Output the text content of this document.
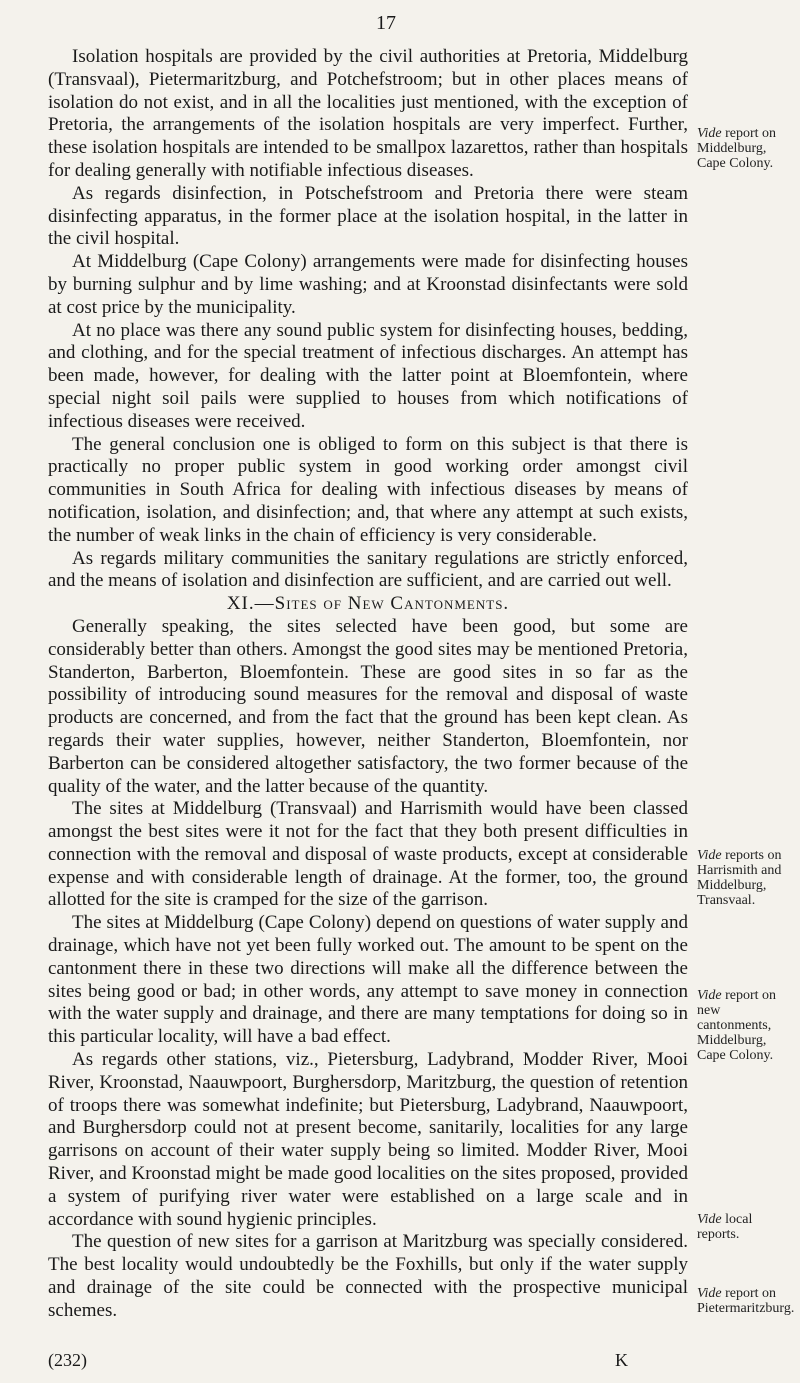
17

Isolation hospitals are provided by the civil authorities at Pretoria, Middelburg (Transvaal), Pietermaritzburg, and Potchefstroom; but in other places means of isolation do not exist, and in all the localities just mentioned, with the exception of Pretoria, the arrangements of the isolation hospitals are very imperfect. Further, these isolation hospitals are intended to be smallpox lazarettos, rather than hospitals for dealing generally with notifiable infectious diseases.

As regards disinfection, in Potschefstroom and Pretoria there were steam disinfecting apparatus, in the former place at the isolation hospital, in the latter in the civil hospital.

At Middelburg (Cape Colony) arrangements were made for disinfecting houses by burning sulphur and by lime washing; and at Kroonstad disinfectants were sold at cost price by the municipality.

At no place was there any sound public system for disinfecting houses, bedding, and clothing, and for the special treatment of infectious discharges. An attempt has been made, however, for dealing with the latter point at Bloemfontein, where special night soil pails were supplied to houses from which notifications of infectious diseases were received.

The general conclusion one is obliged to form on this subject is that there is practically no proper public system in good working order amongst civil communities in South Africa for dealing with infectious diseases by means of notification, isolation, and disinfection; and, that where any attempt at such exists, the number of weak links in the chain of efficiency is very considerable.

As regards military communities the sanitary regulations are strictly enforced, and the means of isolation and disinfection are sufficient, and are carried out well.

XI.—Sites of New Cantonments.

Generally speaking, the sites selected have been good, but some are considerably better than others. Amongst the good sites may be mentioned Pretoria, Standerton, Barberton, Bloemfontein. These are good sites in so far as the possibility of introducing sound measures for the removal and disposal of waste products are concerned, and from the fact that the ground has been kept clean. As regards their water supplies, however, neither Standerton, Bloemfontein, nor Barberton can be considered altogether satisfactory, the two former because of the quality of the water, and the latter because of the quantity.

The sites at Middelburg (Transvaal) and Harrismith would have been classed amongst the best sites were it not for the fact that they both present difficulties in connection with the removal and disposal of waste products, except at considerable expense and with considerable length of drainage. At the former, too, the ground allotted for the site is cramped for the size of the garrison.

The sites at Middelburg (Cape Colony) depend on questions of water supply and drainage, which have not yet been fully worked out. The amount to be spent on the cantonment there in these two directions will make all the difference between the sites being good or bad; in other words, any attempt to save money in connection with the water supply and drainage, and there are many temptations for doing so in this particular locality, will have a bad effect.

As regards other stations, viz., Pietersburg, Ladybrand, Modder River, Mooi River, Kroonstad, Naauwpoort, Burghersdorp, Maritzburg, the question of retention of troops there was somewhat indefinite; but Pietersburg, Ladybrand, Naauwpoort, and Burghersdorp could not at present become, sanitarily, localities for any large garrisons on account of their water supply being so limited. Modder River, Mooi River, and Kroonstad might be made good localities on the sites proposed, provided a system of purifying river water were established on a large scale and in accordance with sound hygienic principles.

The question of new sites for a garrison at Maritzburg was specially considered. The best locality would undoubtedly be the Foxhills, but only if the water supply and drainage of the site could be connected with the prospective municipal schemes.

Vide report on Middelburg, Cape Colony.
Vide reports on Harrismith and Middelburg, Transvaal.
Vide report on new cantonments, Middelburg, Cape Colony.
Vide local reports.
Vide report on Pietermaritzburg.
(232)	K
